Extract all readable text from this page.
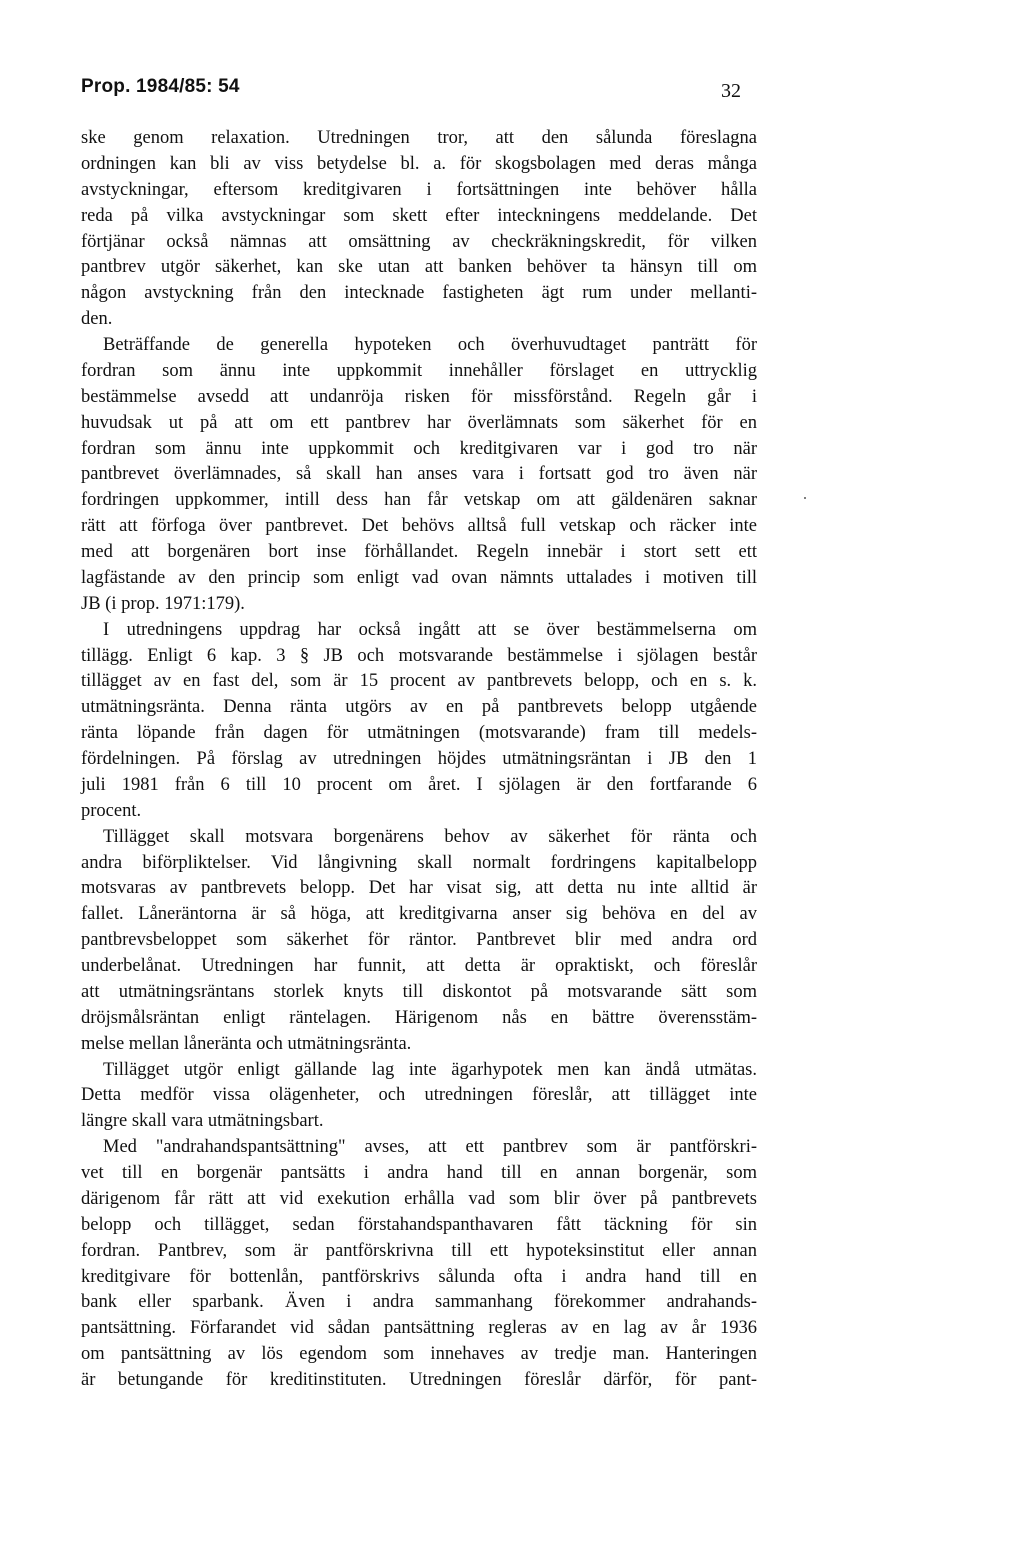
Prop. 1984/85: 54	32
ske genom relaxation. Utredningen tror, att den sålunda föreslagna
ordningen kan bli av viss betydelse bl. a. för skogsbolagen med deras många
avstyckningar, eftersom kreditgivaren i fortsättningen inte behöver hålla
reda på vilka avstyckningar som skett efter inteckningens meddelande. Det
förtjänar också nämnas att omsättning av checkräkningskredit, för vilken
pantbrev utgör säkerhet, kan ske utan att banken behöver ta hänsyn till om
någon avstyckning från den intecknade fastigheten ägt rum under mellanti-
den.
Beträffande de generella hypoteken och överhuvudtaget panträtt för
fordran som ännu inte uppkommit innehåller förslaget en uttrycklig
bestämmelse avsedd att undanröja risken för missförstånd. Regeln går i
huvudsak ut på att om ett pantbrev har överlämnats som säkerhet för en
fordran som ännu inte uppkommit och kreditgivaren var i god tro när
pantbrevet överlämnades, så skall han anses vara i fortsatt god tro även när
fordringen uppkommer, intill dess han får vetskap om att gäldenären saknar
rätt att förfoga över pantbrevet. Det behövs alltså full vetskap och räcker inte
med att borgenären bort inse förhållandet. Regeln innebär i stort sett ett
lagfästande av den princip som enligt vad ovan nämnts uttalades i motiven till
JB (i prop. 1971:179).
I utredningens uppdrag har också ingått att se över bestämmelserna om
tillägg. Enligt 6 kap. 3 § JB och motsvarande bestämmelse i sjölagen består
tillägget av en fast del, som är 15 procent av pantbrevets belopp, och en s. k.
utmätningsränta. Denna ränta utgörs av en på pantbrevets belopp utgående
ränta löpande från dagen för utmätningen (motsvarande) fram till medels-
fördelningen. På förslag av utredningen höjdes utmätningsräntan i JB den 1
juli 1981 från 6 till 10 procent om året. I sjölagen är den fortfarande 6
procent.
Tillägget skall motsvara borgenärens behov av säkerhet för ränta och
andra biförpliktelser. Vid långivning skall normalt fordringens kapitalbelopp
motsvaras av pantbrevets belopp. Det har visat sig, att detta nu inte alltid är
fallet. Låneräntorna är så höga, att kreditgivarna anser sig behöva en del av
pantbrevsbeloppet som säkerhet för räntor. Pantbrevet blir med andra ord
underbelånat. Utredningen har funnit, att detta är opraktiskt, och föreslår
att utmätningsräntans storlek knyts till diskontot på motsvarande sätt som
dröjsmålsräntan enligt räntelagen. Härigenom nås en bättre överensstäm-
melse mellan låneränta och utmätningsränta.
Tillägget utgör enligt gällande lag inte ägarhypotek men kan ändå utmätas.
Detta medför vissa olägenheter, och utredningen föreslår, att tillägget inte
längre skall vara utmätningsbart.
Med "andrahandspantsättning" avses, att ett pantbrev som är pantförskri-
vet till en borgenär pantsätts i andra hand till en annan borgenär, som
därigenom får rätt att vid exekution erhålla vad som blir över på pantbrevets
belopp och tillägget, sedan förstahandspanthavaren fått täckning för sin
fordran. Pantbrev, som är pantförskrivna till ett hypoteksinstitut eller annan
kreditgivare för bottenlån, pantförskrivs sålunda ofta i andra hand till en
bank eller sparbank. Även i andra sammanhang förekommer andrahands-
pantsättning. Förfarandet vid sådan pantsättning regleras av en lag av år 1936
om pantsättning av lös egendom som innehaves av tredje man. Hanteringen
är betungande för kreditinstituten. Utredningen föreslår därför, för pant-
